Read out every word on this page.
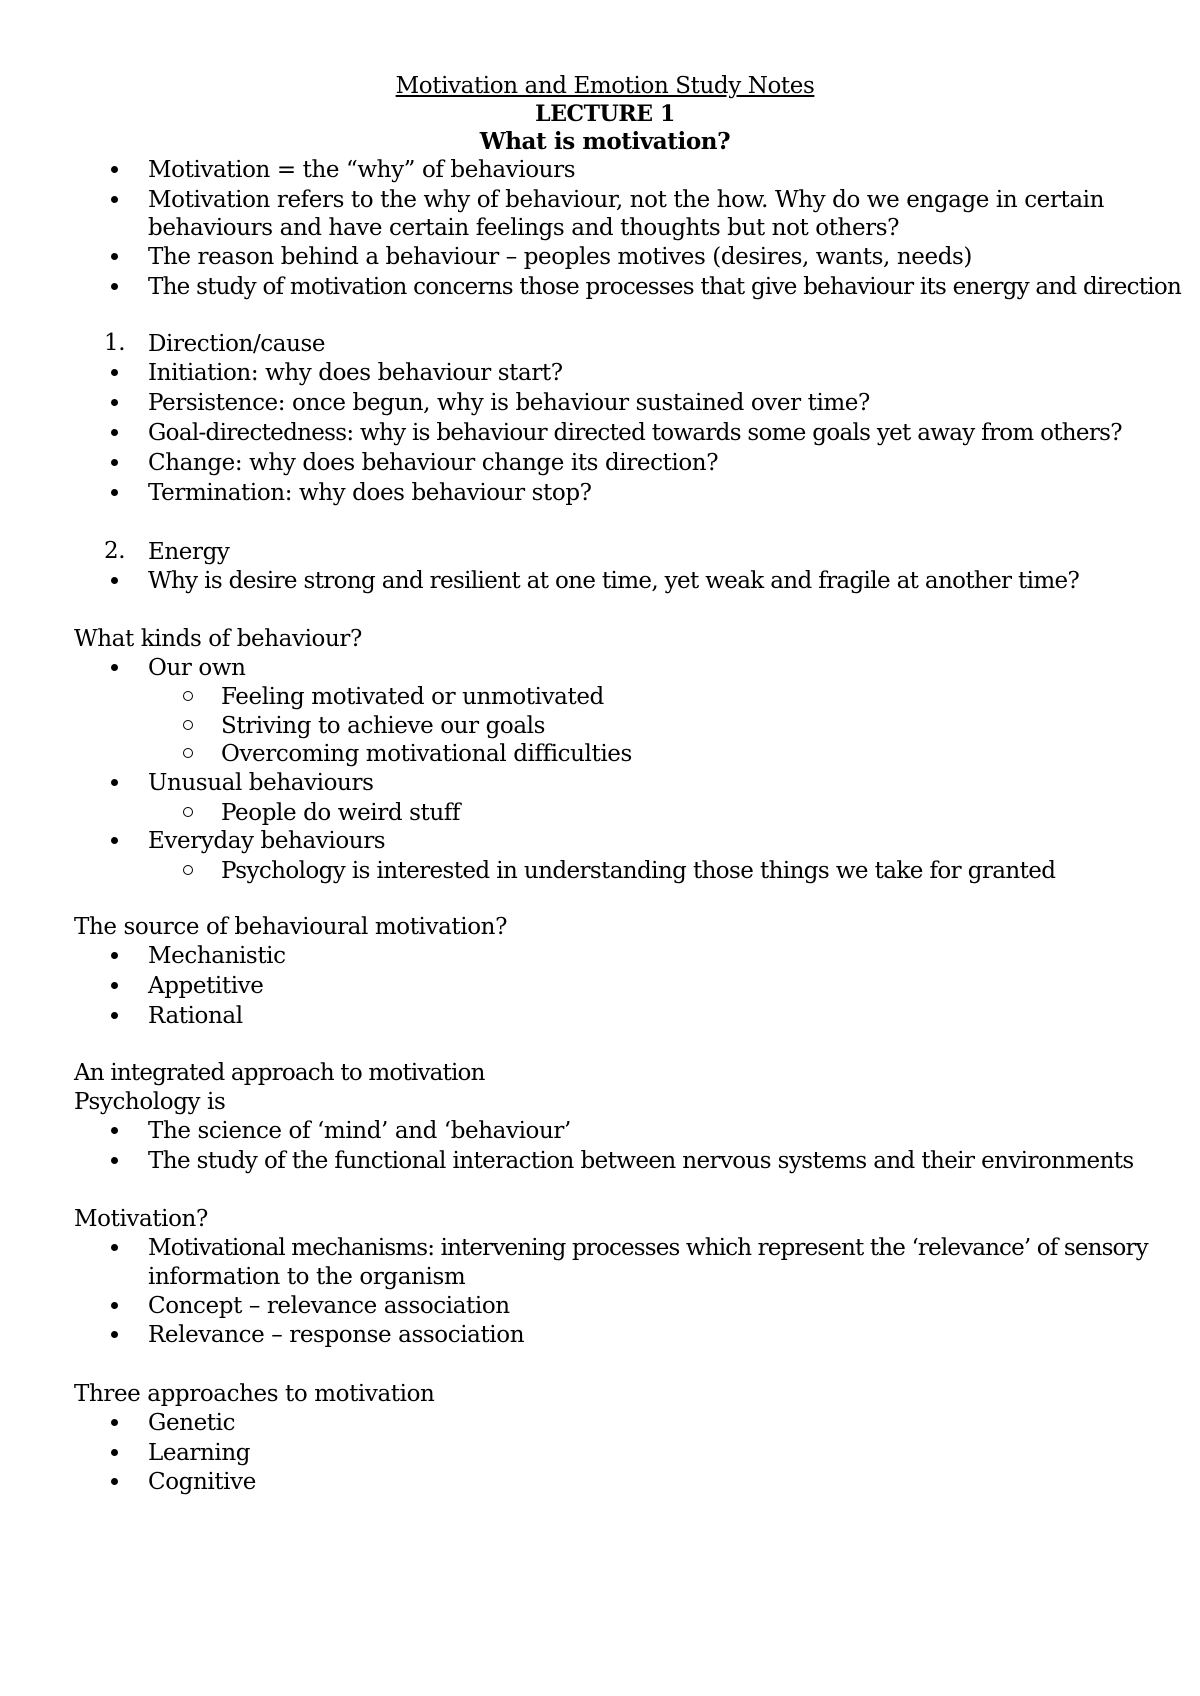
Motivation and Emotion Study Notes
LECTURE 1
What is motivation?
Motivation = the “why” of behaviours
Motivation refers to the why of behaviour, not the how. Why do we engage in certain
behaviours and have certain feelings and thoughts but not others?
The reason behind a behaviour – peoples motives (desires, wants, needs)
The study of motivation concerns those processes that give behaviour its energy and direction
1. Direction/cause
Initiation: why does behaviour start?
Persistence: once begun, why is behaviour sustained over time?
Goal-directedness: why is behaviour directed towards some goals yet away from others?
Change: why does behaviour change its direction?
Termination: why does behaviour stop?
2. Energy
Why is desire strong and resilient at one time, yet weak and fragile at another time?
What kinds of behaviour?
Our own
Feeling motivated or unmotivated
Striving to achieve our goals
Overcoming motivational difficulties
Unusual behaviours
People do weird stuff
Everyday behaviours
Psychology is interested in understanding those things we take for granted
The source of behavioural motivation?
Mechanistic
Appetitive
Rational
An integrated approach to motivation
Psychology is
The science of ‘mind’ and ‘behaviour’
The study of the functional interaction between nervous systems and their environments
Motivation?
Motivational mechanisms: intervening processes which represent the ‘relevance’ of sensory
information to the organism
Concept – relevance association
Relevance – response association
Three approaches to motivation
Genetic
Learning
Cognitive
